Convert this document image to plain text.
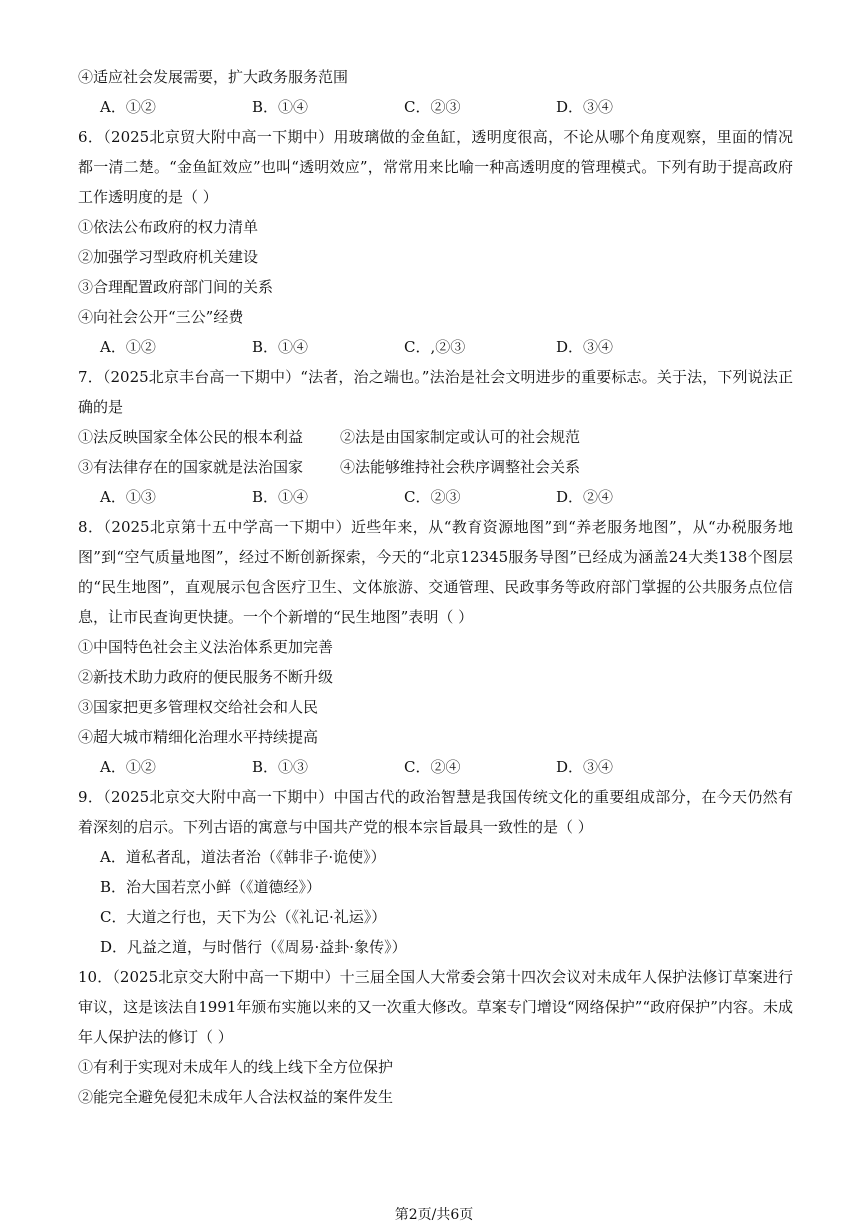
④适应社会发展需要，扩大政务服务范围
A．①②	B．①④	C．②③	D．③④
6．（2025北京贸大附中高一下期中）用玻璃做的金鱼缸，透明度很高，不论从哪个角度观察，里面的情况都一清二楚。“金鱼缸效应”也叫“透明效应”，常常用来比喻一种高透明度的管理模式。下列有助于提高政府工作透明度的是（ ）
①依法公布政府的权力清单
②加强学习型政府机关建设
③合理配置政府部门间的关系
④向社会公开“三公”经费
A．①②	B．①④	C．,②③	D．③④
7．（2025北京丰台高一下期中）“法者，治之端也。”法治是社会文明进步的重要标志。关于法，下列说法正确的是
①法反映国家全体公民的根本利益	②法是由国家制定或认可的社会规范
③有法律存在的国家就是法治国家	④法能够维持社会秩序调整社会关系
A．①③	B．①④	C．②③	D．②④
8．（2025北京第十五中学高一下期中）近些年来，从“教育资源地图”到“养老服务地图”，从“办税服务地图”到“空气质量地图”，经过不断创新探索，今天的“北京12345服务导图”已经成为涵盖24大类138个图层的“民生地图”，直观展示包含医疗卫生、文体旅游、交通管理、民政事务等政府部门掌握的公共服务点位信息，让市民查询更快捷。一个个新增的“民生地图”表明（ ）
①中国特色社会主义法治体系更加完善
②新技术助力政府的便民服务不断升级
③国家把更多管理权交给社会和人民
④超大城市精细化治理水平持续提高
A．①②	B．①③	C．②④	D．③④
9．（2025北京交大附中高一下期中）中国古代的政治智慧是我国传统文化的重要组成部分，在今天仍然有着深刻的启示。下列古语的寓意与中国共产党的根本宗旨最具一致性的是（ ）
A．道私者乱，道法者治（《韩非子·诡使》）
B．治大国若烹小鲜（《道德经》）
C．大道之行也，天下为公（《礼记·礼运》）
D．凡益之道，与时偕行（《周易·益卦·象传》）
10．（2025北京交大附中高一下期中）十三届全国人大常委会第十四次会议对未成年人保护法修订草案进行审议，这是该法自1991年颁布实施以来的又一次重大修改。草案专门增设“网络保护”“政府保护”内容。未成年人保护法的修订（ ）
①有利于实现对未成年人的线上线下全方位保护
②能完全避免侵犯未成年人合法权益的案件发生
第2页/共6页
